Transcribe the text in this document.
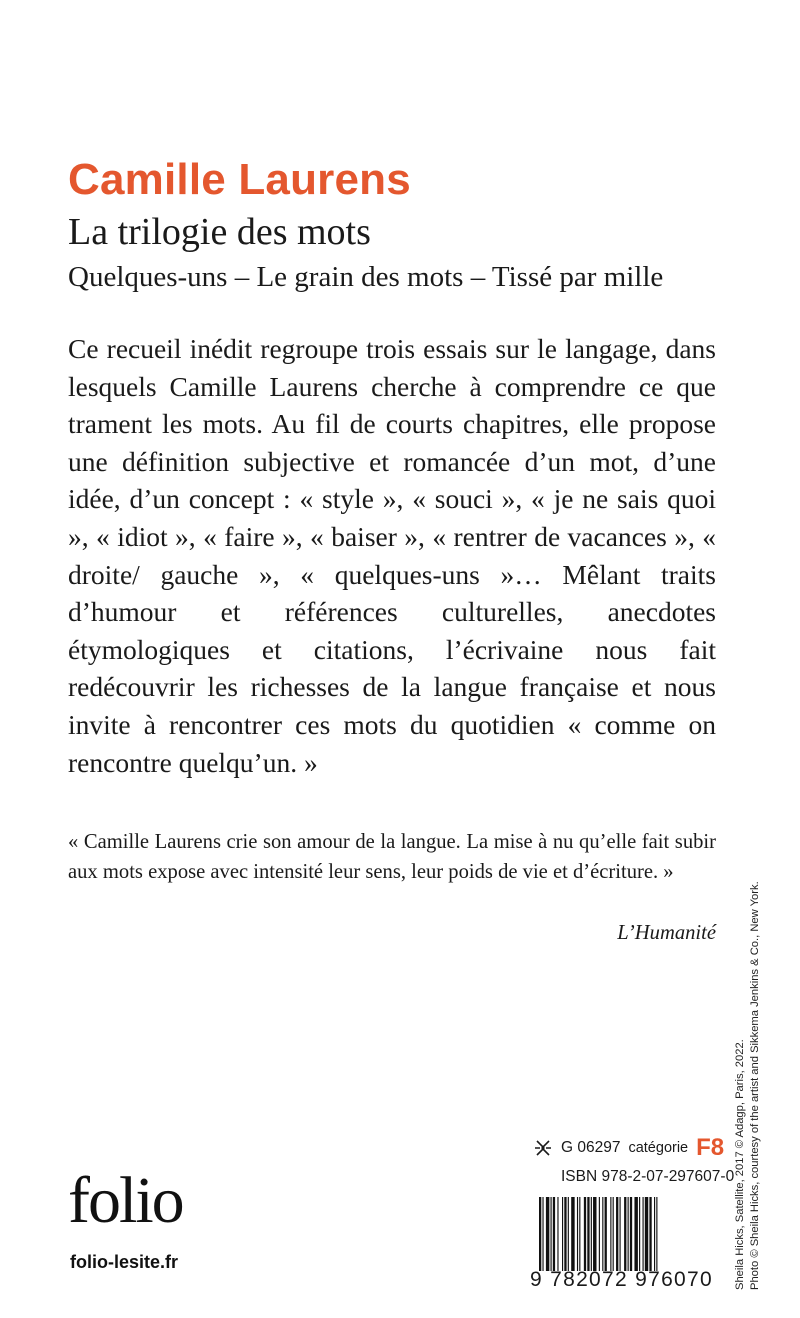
Camille Laurens
La trilogie des mots
Quelques-uns – Le grain des mots – Tissé par mille
Ce recueil inédit regroupe trois essais sur le langage, dans lesquels Camille Laurens cherche à comprendre ce que trament les mots. Au fil de courts chapitres, elle propose une définition subjective et romancée d’un mot, d’une idée, d’un concept : « style », « souci », « je ne sais quoi », « idiot », « faire », « baiser », « rentrer de vacances », « droite/ gauche », « quelques-uns »… Mêlant traits d’humour et références culturelles, anecdotes étymologiques et citations, l’écrivaine nous fait redécouvrir les richesses de la langue française et nous invite à rencontrer ces mots du quotidien « comme on rencontre quelqu’un. »
« Camille Laurens crie son amour de la langue. La mise à nu qu’elle fait subir aux mots expose avec intensité leur sens, leur poids de vie et d’écriture. »
L’Humanité
Sheila Hicks, Satellite, 2017 © Adagp, Paris, 2022. Photo © Sheila Hicks, courtesy of the artist and Sikkema Jenkins & Co., New York.
G 06297 catégorie F8
ISBN 978-2-07-297607-0
9 782072 976070
folio
folio-lesite.fr
